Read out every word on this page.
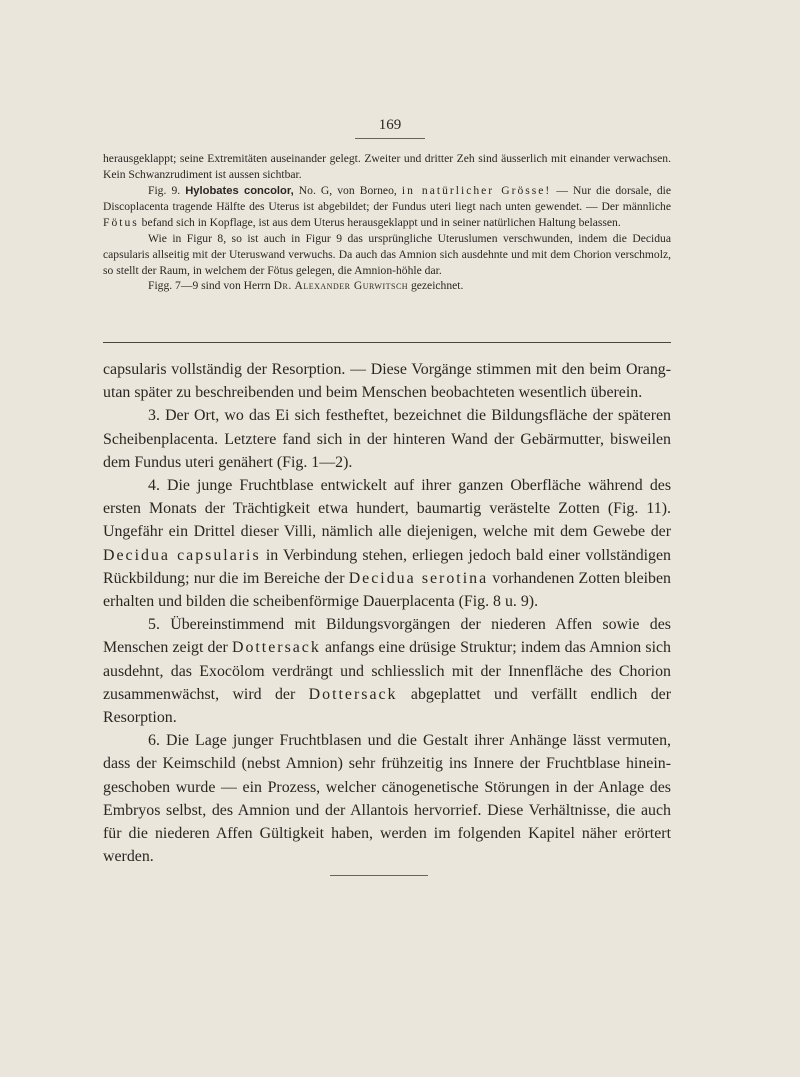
169

herausgeklappt; seine Extremitäten auseinander gelegt. Zweiter und dritter Zeh sind äusserlich mit einander verwachsen. Kein Schwanzrudiment ist aussen sichtbar.

Fig. 9. Hylobates concolor, No. G, von Borneo, in natürlicher Grösse! — Nur die dorsale, die Discoplacenta tragende Hälfte des Uterus ist abgebildet; der Fundus uteri liegt nach unten gewendet. — Der männliche Fötus befand sich in Kopflage, ist aus dem Uterus herausgeklappt und in seiner natürlichen Haltung belassen.

Wie in Figur 8, so ist auch in Figur 9 das ursprüngliche Uteruslumen verschwunden, indem die Decidua capsularis allseitig mit der Uteruswand verwuchs. Da auch das Amnion sich ausdehnte und mit dem Chorion verschmolz, so stellt der Raum, in welchem der Fötus gelegen, die Amnion-höhle dar.

Figg. 7—9 sind von Herrn Dr. Alexander Gurwitsch gezeichnet.

capsularis vollständig der Resorption. — Diese Vorgänge stimmen mit den beim Orang-utan später zu beschreibenden und beim Menschen beobachteten wesentlich überein.

3. Der Ort, wo das Ei sich festheftet, bezeichnet die Bildungsfläche der späteren Scheibenplacenta. Letztere fand sich in der hinteren Wand der Gebärmutter, bisweilen dem Fundus uteri genähert (Fig. 1—2).

4. Die junge Fruchtblase entwickelt auf ihrer ganzen Oberfläche während des ersten Monats der Trächtigkeit etwa hundert, baumartig verästelte Zotten (Fig. 11). Ungefähr ein Drittel dieser Villi, nämlich alle diejenigen, welche mit dem Gewebe der Decidua capsularis in Verbindung stehen, erliegen jedoch bald einer vollständigen Rückbildung; nur die im Bereiche der Decidua serotina vorhandenen Zotten bleiben erhalten und bilden die scheibenförmige Dauerplacenta (Fig. 8 u. 9).

5. Übereinstimmend mit Bildungsvorgängen der niederen Affen sowie des Menschen zeigt der Dottersack anfangs eine drüsige Struktur; indem das Amnion sich ausdehnt, das Exocölom verdrängt und schliesslich mit der Innenfläche des Chorion zusammenwächst, wird der Dottersack abgeplattet und verfällt endlich der Resorption.

6. Die Lage junger Fruchtblasen und die Gestalt ihrer Anhänge lässt vermuten, dass der Keimschild (nebst Amnion) sehr frühzeitig ins Innere der Fruchtblase hinein-geschoben wurde — ein Prozess, welcher cänogenetische Störungen in der Anlage des Embryos selbst, des Amnion und der Allantois hervorrief. Diese Verhältnisse, die auch für die niederen Affen Gültigkeit haben, werden im folgenden Kapitel näher erörtert werden.
